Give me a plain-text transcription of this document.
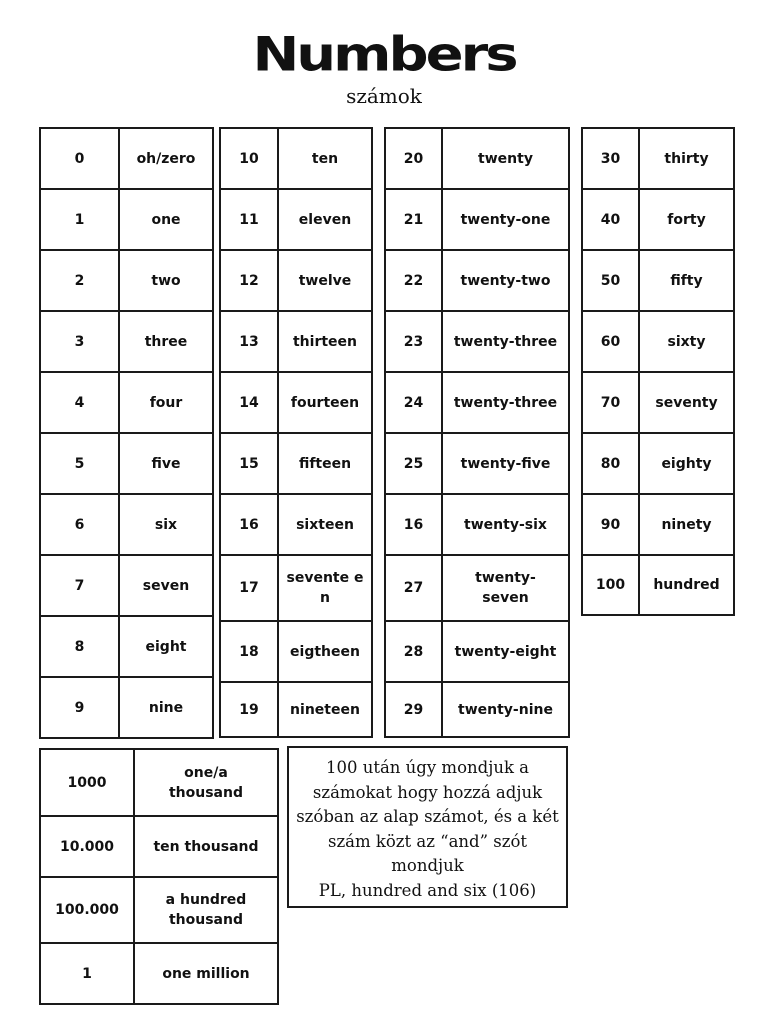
Numbers
számok
0	oh/zero
1	one
2	two
3	three
4	four
5	five
6	six
7	seven
8	eight
9	nine
10	ten
11	eleven
12	twelve
13	thirteen
14	fourteen
15	fifteen
16	sixteen
17	sevente en
18	eigtheen
19	nineteen
20	twenty
21	twenty-one
22	twenty-two
23	twenty-three
24	twenty-three
25	twenty-five
16	twenty-six
27	twenty- seven
28	twenty-eight
29	twenty-nine
30	thirty
40	forty
50	fifty
60	sixty
70	seventy
80	eighty
90	ninety
100	hundred
1000	one/a thousand
10.000	ten thousand
100.000	a hundred thousand
1	one million
100 után úgy mondjuk a
számokat hogy hozzá adjuk
szóban az alap számot, és a két
szám közt az “and” szót
mondjuk
PL, hundred and six (106)
